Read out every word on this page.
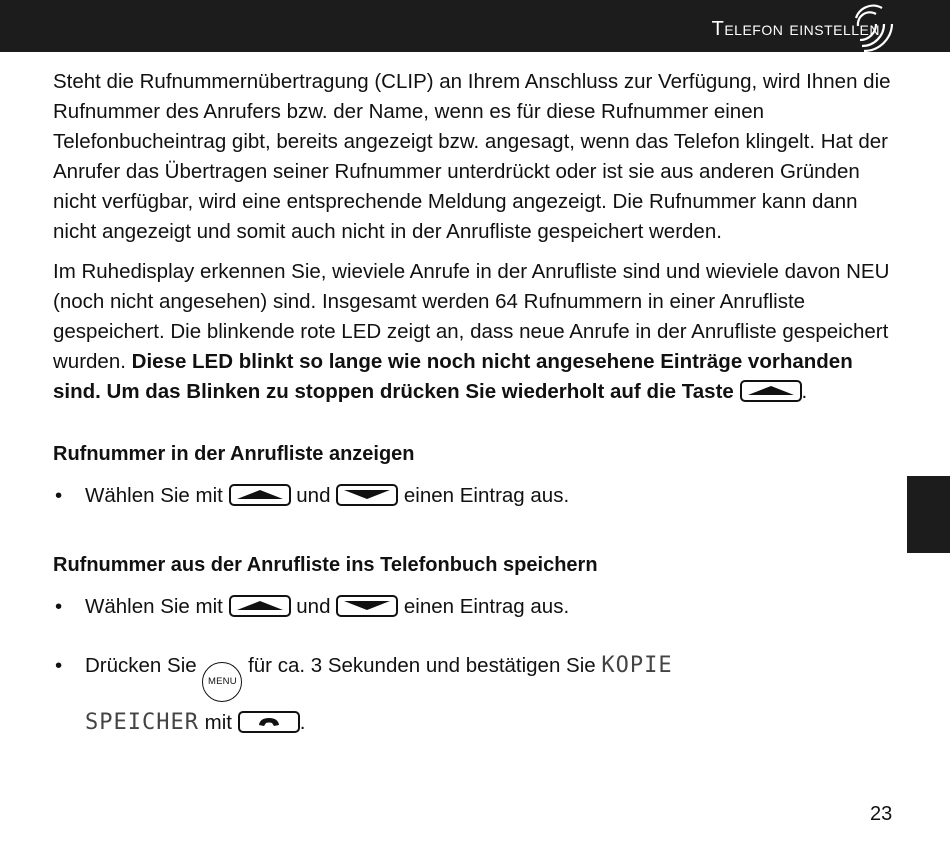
Telefon einstellen

Steht die Rufnummernübertragung (CLIP) an Ihrem Anschluss zur Verfügung, wird Ihnen die Rufnummer des Anrufers bzw. der Name, wenn es für diese Rufnummer einen Telefonbucheintrag gibt, bereits angezeigt bzw. angesagt, wenn das Telefon klingelt. Hat der Anrufer das Übertragen seiner Rufnummer unterdrückt oder ist sie aus anderen Gründen nicht verfügbar, wird eine entsprechende Meldung angezeigt. Die Rufnummer kann dann nicht angezeigt und somit auch nicht in der Anrufliste gespeichert werden.

Im Ruhedisplay erkennen Sie, wieviele Anrufe in der Anrufliste sind und wieviele davon NEU (noch nicht angesehen) sind. Insgesamt werden 64 Rufnummern in einer Anrufliste gespeichert. Die blinkende rote LED zeigt an, dass neue Anrufe in der Anrufliste gespeichert wurden. Diese LED blinkt so lange wie noch nicht angesehene Einträge vorhanden sind. Um das Blinken zu stoppen drücken Sie wiederholt auf die Taste	.

Rufnummer in der Anrufliste anzeigen

• Wählen Sie mit	und	einen Eintrag aus.

Rufnummer aus der Anrufliste ins Telefonbuch speichern

• Wählen Sie mit	und	einen Eintrag aus.

• Drücken Sie MENU für ca. 3 Sekunden und bestätigen Sie KOPIE
SPEICHER mit	.

23
